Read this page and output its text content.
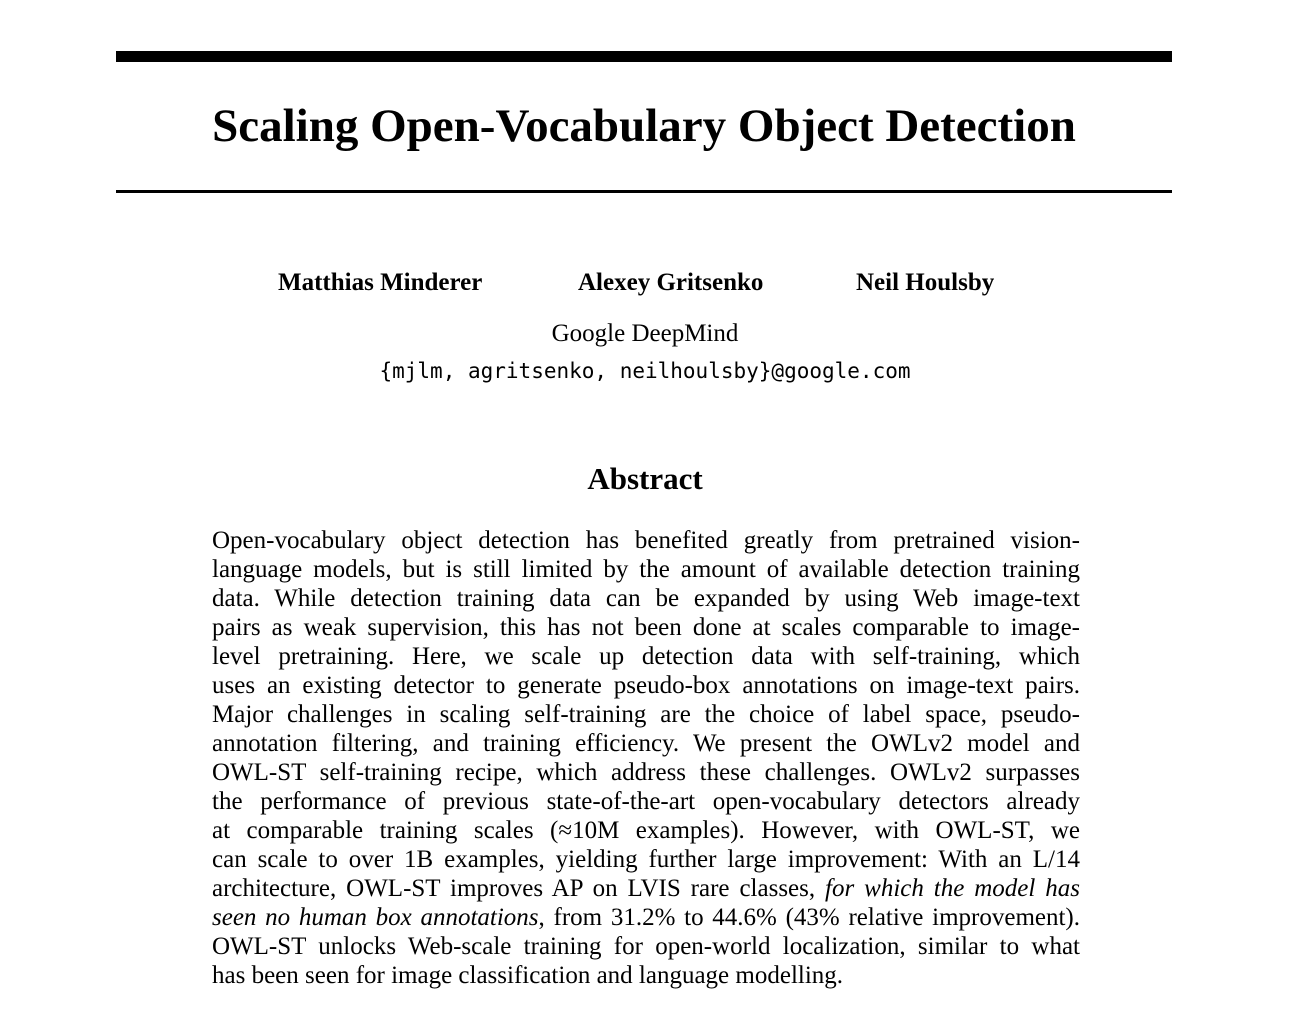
Scaling Open-Vocabulary Object Detection
Matthias Minderer	Alexey Gritsenko	Neil Houlsby
Google DeepMind
{mjlm, agritsenko, neilhoulsby}@google.com
Abstract
Open-vocabulary object detection has benefited greatly from pretrained vision-
language models, but is still limited by the amount of available detection training
data. While detection training data can be expanded by using Web image-text
pairs as weak supervision, this has not been done at scales comparable to image-
level pretraining. Here, we scale up detection data with self-training, which
uses an existing detector to generate pseudo-box annotations on image-text pairs.
Major challenges in scaling self-training are the choice of label space, pseudo-
annotation filtering, and training efficiency. We present the OWLv2 model and
OWL-ST self-training recipe, which address these challenges. OWLv2 surpasses
the performance of previous state-of-the-art open-vocabulary detectors already
at comparable training scales (≈10M examples). However, with OWL-ST, we
can scale to over 1B examples, yielding further large improvement: With an L/14
architecture, OWL-ST improves AP on LVIS rare classes, for which the model has
seen no human box annotations, from 31.2% to 44.6% (43% relative improvement).
OWL-ST unlocks Web-scale training for open-world localization, similar to what
has been seen for image classification and language modelling.
